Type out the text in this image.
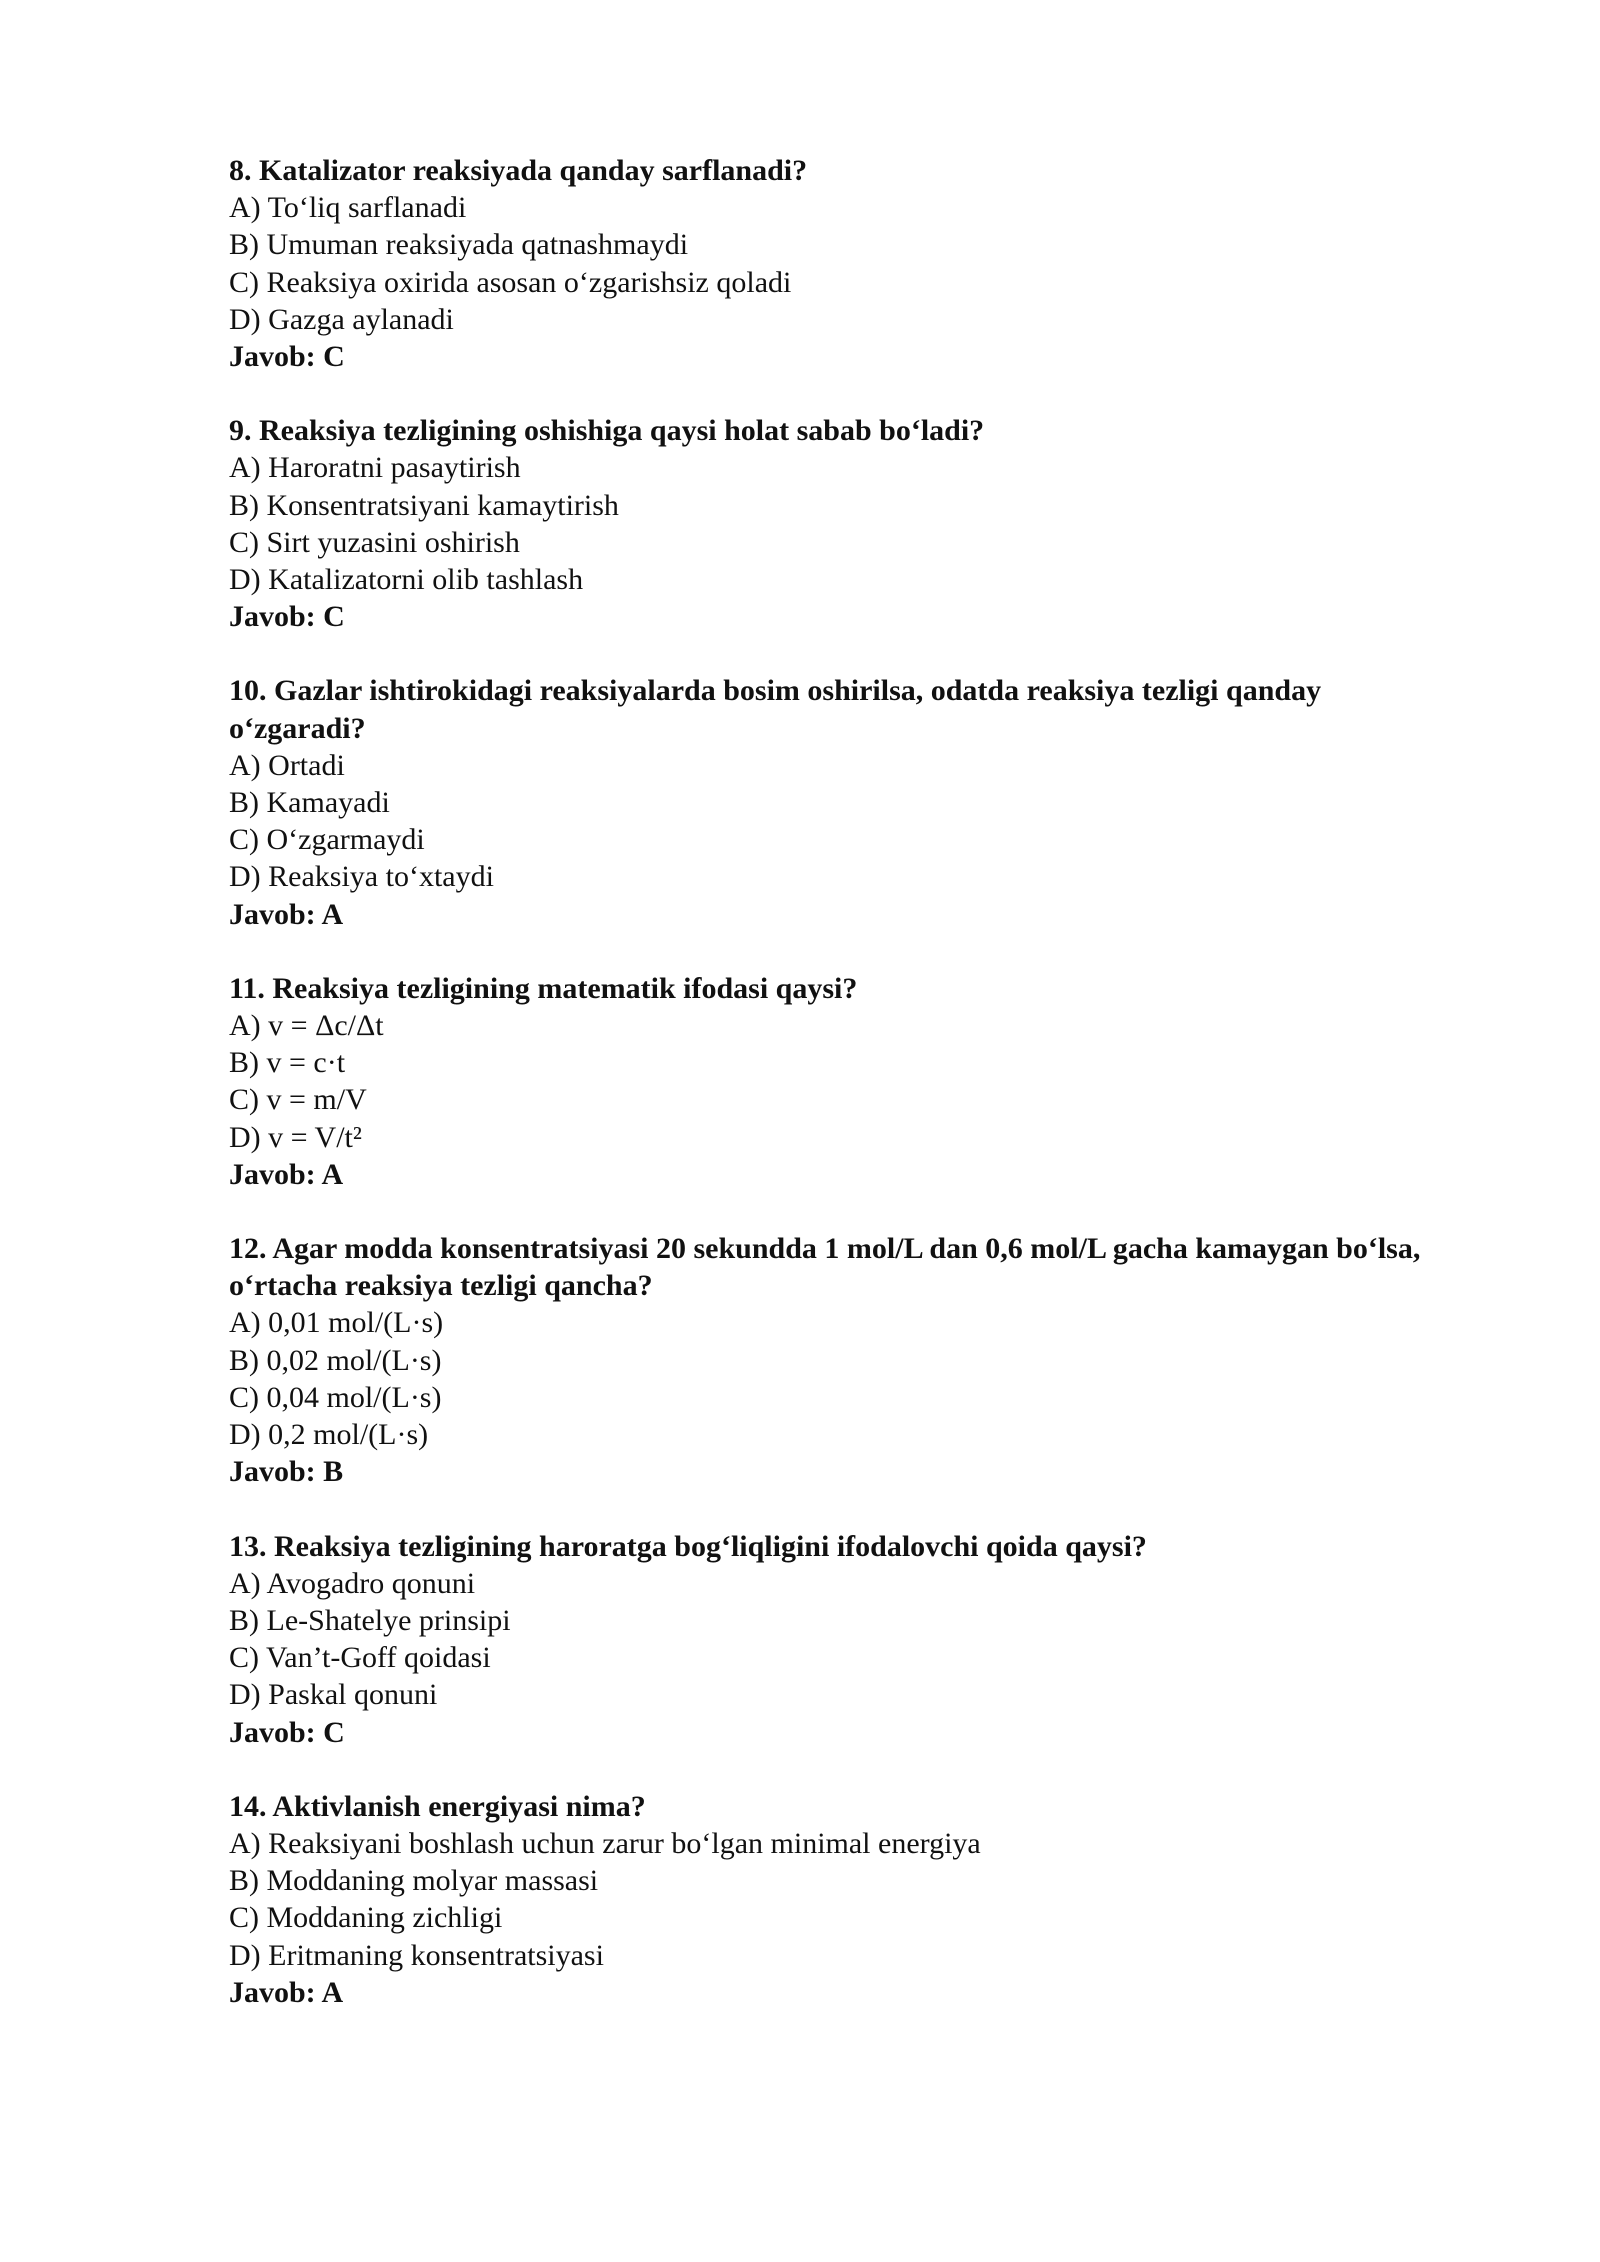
8. Katalizator reaksiyada qanday sarflanadi?
A) To‘liq sarflanadi
B) Umuman reaksiyada qatnashmaydi
C) Reaksiya oxirida asosan o‘zgarishsiz qoladi
D) Gazga aylanadi
Javob: C
9. Reaksiya tezligining oshishiga qaysi holat sabab bo‘ladi?
A) Haroratni pasaytirish
B) Konsentratsiyani kamaytirish
C) Sirt yuzasini oshirish
D) Katalizatorni olib tashlash
Javob: C
10. Gazlar ishtirokidagi reaksiyalarda bosim oshirilsa, odatda reaksiya tezligi qanday o‘zgaradi?
A) Ortadi
B) Kamayadi
C) O‘zgarmaydi
D) Reaksiya to‘xtaydi
Javob: A
11. Reaksiya tezligining matematik ifodasi qaysi?
A) v = Δc/Δt
B) v = c·t
C) v = m/V
D) v = V/t²
Javob: A
12. Agar modda konsentratsiyasi 20 sekundda 1 mol/L dan 0,6 mol/L gacha kamaygan bo‘lsa, o‘rtacha reaksiya tezligi qancha?
A) 0,01 mol/(L·s)
B) 0,02 mol/(L·s)
C) 0,04 mol/(L·s)
D) 0,2 mol/(L·s)
Javob: B
13. Reaksiya tezligining haroratga bog‘liqligini ifodalovchi qoida qaysi?
A) Avogadro qonuni
B) Le-Shatelye prinsipi
C) Van’t-Goff qoidasi
D) Paskal qonuni
Javob: C
14. Aktivlanish energiyasi nima?
A) Reaksiyani boshlash uchun zarur bo‘lgan minimal energiya
B) Moddaning molyar massasi
C) Moddaning zichligi
D) Eritmaning konsentratsiyasi
Javob: A
